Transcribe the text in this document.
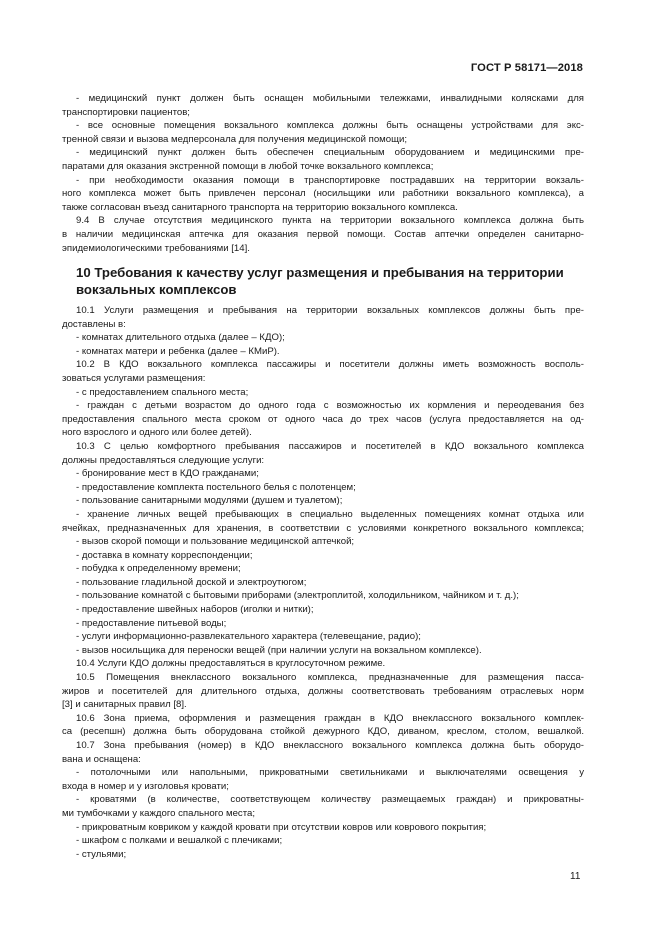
ГОСТ Р 58171—2018
- медицинский пункт должен быть оснащен мобильными тележками, инвалидными колясками для
транспортировки пациентов;
- все основные помещения вокзального комплекса должны быть оснащены устройствами для экс-
тренной связи и вызова медперсонала для получения медицинской помощи;
- медицинский пункт должен быть обеспечен специальным оборудованием и медицинскими пре-
паратами для оказания экстренной помощи в любой точке вокзального комплекса;
- при необходимости оказания помощи в транспортировке пострадавших на территории вокзаль-
ного комплекса может быть привлечен персонал (носильщики или работники вокзального комплекса), а
также согласован въезд санитарного транспорта на территорию вокзального комплекса.
9.4 В случае отсутствия медицинского пункта на территории вокзального комплекса должна быть
в наличии медицинская аптечка для оказания первой помощи. Состав аптечки определен санитарно-
эпидемиологическими требованиями [14].
10 Требования к качеству услуг размещения и пребывания на территории
вокзальных комплексов
10.1 Услуги размещения и пребывания на территории вокзальных комплексов должны быть пре-
доставлены в:
- комнатах длительного отдыха (далее – КДО);
- комнатах матери и ребенка (далее – КМиР).
10.2 В КДО вокзального комплекса пассажиры и посетители должны иметь возможность восполь-
зоваться услугами размещения:
- с предоставлением спального места;
- граждан с детьми возрастом до одного года с возможностью их кормления и переодевания без
предоставления спального места сроком от одного часа до трех часов (услуга предоставляется на од-
ного взрослого и одного или более детей).
10.3 С целью комфортного пребывания пассажиров и посетителей в КДО вокзального комплекса
должны предоставляться следующие услуги:
- бронирование мест в КДО гражданами;
- предоставление комплекта постельного белья с полотенцем;
- пользование санитарными модулями (душем и туалетом);
- хранение личных вещей пребывающих в специально выделенных помещениях комнат отдыха или
ячейках, предназначенных для хранения, в соответствии с условиями конкретного вокзального комплекса;
- вызов скорой помощи и пользование медицинской аптечкой;
- доставка в комнату корреспонденции;
- побудка к определенному времени;
- пользование гладильной доской и электроутюгом;
- пользование комнатой с бытовыми приборами (электроплитой, холодильником, чайником и т. д.);
- предоставление швейных наборов (иголки и нитки);
- предоставление питьевой воды;
- услуги информационно-развлекательного характера (телевещание, радио);
- вызов носильщика для переноски вещей (при наличии услуги на вокзальном комплексе).
10.4 Услуги КДО должны предоставляться в круглосуточном режиме.
10.5 Помещения внеклассного вокзального комплекса, предназначенные для размещения пасса-
жиров и посетителей для длительного отдыха, должны соответствовать требованиям отраслевых норм
[3] и санитарных правил [8].
10.6 Зона приема, оформления и размещения граждан в КДО внеклассного вокзального комплек-
са (ресепшн) должна быть оборудована стойкой дежурного КДО, диваном, креслом, столом, вешалкой.
10.7 Зона пребывания (номер) в КДО внеклассного вокзального комплекса должна быть оборудо-
вана и оснащена:
- потолочными или напольными, прикроватными светильниками и выключателями освещения у
входа в номер и у изголовья кровати;
- кроватями (в количестве, соответствующем количеству размещаемых граждан) и прикроватны-
ми тумбочками у каждого спального места;
- прикроватным ковриком у каждой кровати при отсутствии ковров или коврового покрытия;
- шкафом с полками и вешалкой с плечиками;
- стульями;
11
